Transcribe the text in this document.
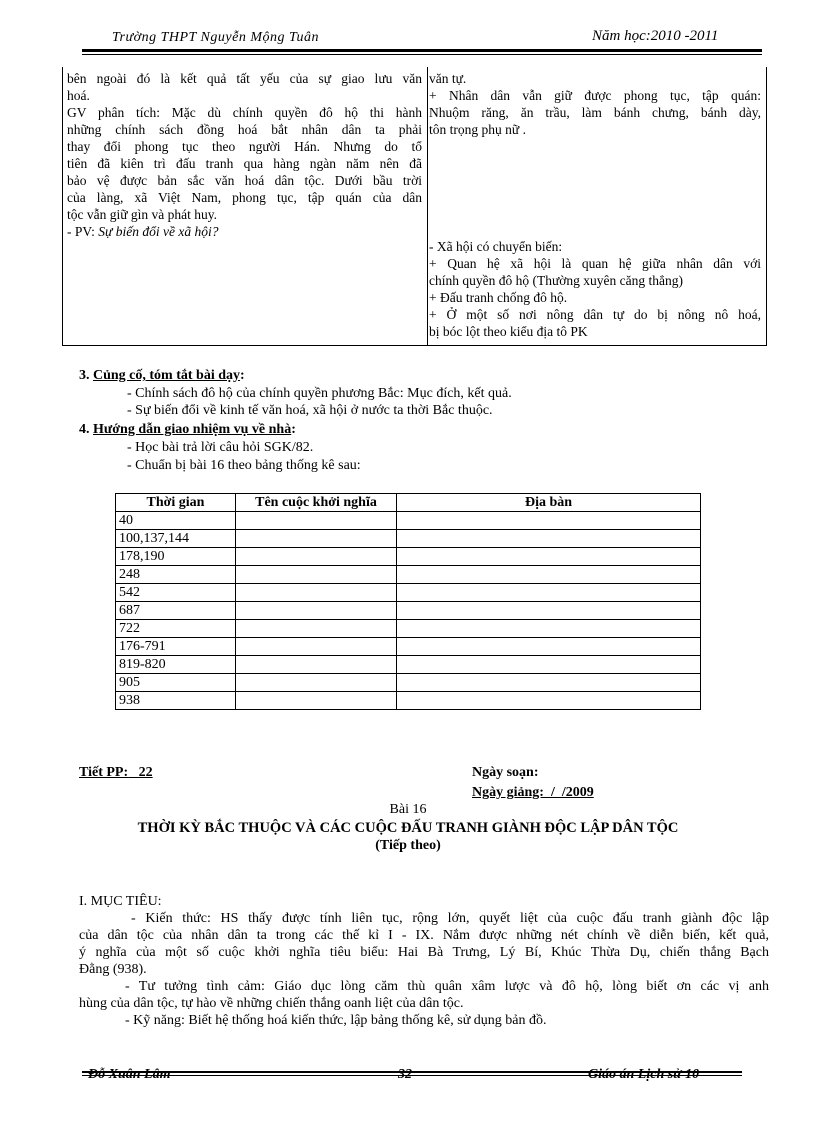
Trường THPT Nguyễn Mộng Tuân	Năm học:2010 -2011
bên ngoài đó là kết quả tất yếu của sự giao lưu văn
hoá.
GV phân tích: Mặc dù chính quyền đô hộ thi hành
những chính sách đồng hoá bắt nhân dân ta phải
thay đổi phong tục theo người Hán. Nhưng do tổ
tiên đã kiên trì đấu tranh qua hàng ngàn năm nên đã
bảo vệ được bản sắc văn hoá dân tộc. Dưới bầu trời
của làng, xã Việt Nam, phong tục, tập quán của dân
tộc vẫn giữ gìn và phát huy.
- PV: Sự biến đổi về xã hội?
văn tự.
+ Nhân dân vẫn giữ được phong tục, tập quán:
Nhuộm răng, ăn trầu, làm bánh chưng, bánh dày,
tôn trọng phụ nữ .
- Xã hội có chuyển biến:
+ Quan hệ xã hội là quan hệ giữa nhân dân với
chính quyền đô hộ (Thường xuyên căng thẳng)
+ Đấu tranh chống đô hộ.
+ Ở một số nơi nông dân tự do bị nông nô hoá,
bị bóc lột theo kiểu địa tô PK
3. Củng cố, tóm tắt bài dạy:
- Chính sách đô hộ của chính quyền phương Bắc: Mục đích, kết quả.
- Sự biến đổi về kinh tế văn hoá, xã hội ở nước ta thời Bắc thuộc.
4. Hướng dẫn giao nhiệm vụ về nhà:
- Học bài trả lời câu hỏi SGK/82.
- Chuẩn bị bài 16 theo bảng thống kê sau:
Thời gian	Tên cuộc khởi nghĩa	Địa bàn
40		
100,137,144		
178,190		
248		
542		
687		
722		
176-791		
819-820		
905		
938		
Tiết PP: 22	Ngày soạn:
Ngày giảng:  /  /2009
Bài 16
THỜI KỲ BẮC THUỘC VÀ CÁC CUỘC ĐẤU TRANH GIÀNH ĐỘC LẬP DÂN TỘC
(Tiếp theo)
I. MỤC TIÊU:
- Kiến thức: HS thấy được tính liên tục, rộng lớn, quyết liệt của cuộc đấu tranh giành độc lập
của dân tộc của nhân dân ta trong các thế kỉ I - IX. Nắm được những nét chính về diễn biến, kết quả,
ý nghĩa của một số cuộc khởi nghĩa tiêu biểu: Hai Bà Trưng, Lý Bí, Khúc Thừa Dụ, chiến thắng Bạch
Đằng (938).
- Tư tưởng tình cảm: Giáo dục lòng căm thù quân xâm lược và đô hộ, lòng biết ơn các vị anh
hùng của dân tộc, tự hào về những chiến thắng oanh liệt của dân tộc.
- Kỹ năng: Biết hệ thống hoá kiến thức, lập bảng thống kê, sử dụng bản đồ.
Đỗ Xuân Lâm	32	Giáo án Lịch sử 10
